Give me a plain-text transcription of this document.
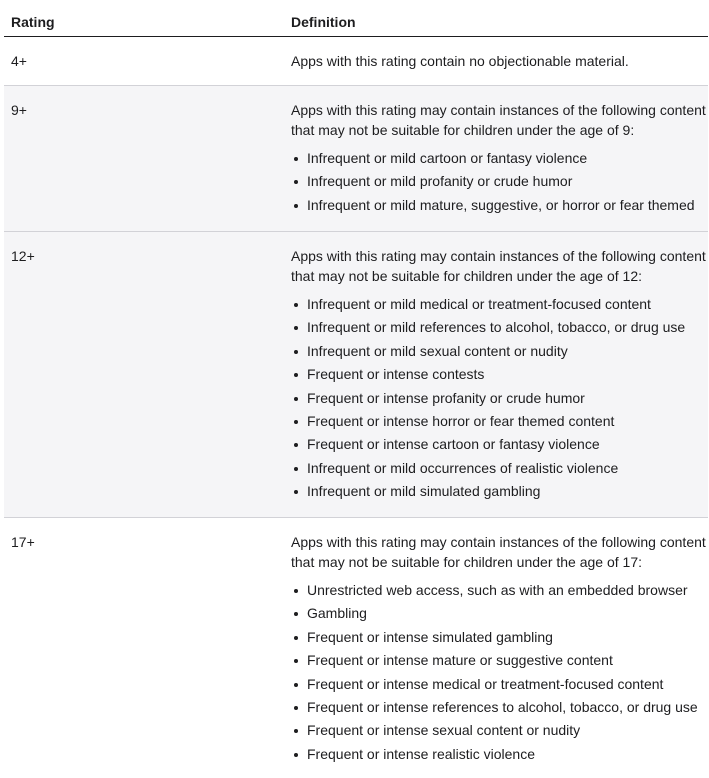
Rating	Definition
4+	Apps with this rating contain no objectionable material.

9+	Apps with this rating may contain instances of the following content that may not be suitable for children under the age of 9:

Infrequent or mild cartoon or fantasy violence
Infrequent or mild profanity or crude humor
Infrequent or mild mature, suggestive, or horror or fear themed
12+	Apps with this rating may contain instances of the following content that may not be suitable for children under the age of 12:

Infrequent or mild medical or treatment-focused content
Infrequent or mild references to alcohol, tobacco, or drug use
Infrequent or mild sexual content or nudity
Frequent or intense contests
Frequent or intense profanity or crude humor
Frequent or intense horror or fear themed content
Frequent or intense cartoon or fantasy violence
Infrequent or mild occurrences of realistic violence
Infrequent or mild simulated gambling
17+	Apps with this rating may contain instances of the following content that may not be suitable for children under the age of 17:

Unrestricted web access, such as with an embedded browser
Gambling
Frequent or intense simulated gambling
Frequent or intense mature or suggestive content
Frequent or intense medical or treatment-focused content
Frequent or intense references to alcohol, tobacco, or drug use
Frequent or intense sexual content or nudity
Frequent or intense realistic violence
